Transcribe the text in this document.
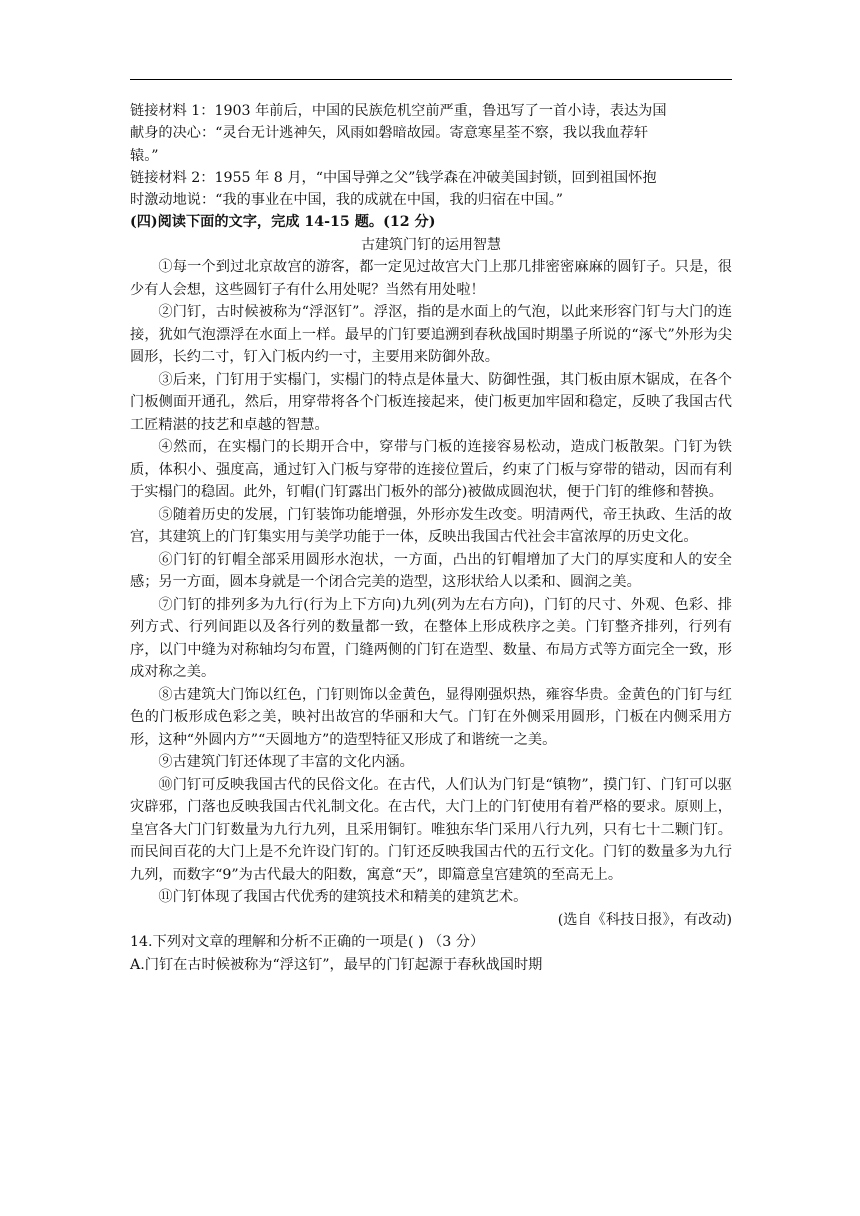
链接材料 1：1903 年前后，中国的民族危机空前严重，鲁迅写了一首小诗，表达为国

献身的决心：“灵台无计逃神矢，风雨如磐暗故园。寄意寒星荃不察，我以我血荐轩

辕。”

链接材料 2：1955 年 8 月，“中国导弹之父”钱学森在冲破美国封锁，回到祖国怀抱

时激动地说：“我的事业在中国，我的成就在中国，我的归宿在中国。”

(四)阅读下面的文字，完成 14-15 题。(12 分)

古建筑门钉的运用智慧

①每一个到过北京故宫的游客，都一定见过故宫大门上那几排密密麻麻的圆钉子。只是，很少有人会想，这些圆钉子有什么用处呢？当然有用处啦！

②门钉，古时候被称为“浮沤钉”。浮沤，指的是水面上的气泡，以此来形容门钉与大门的连接，犹如气泡漂浮在水面上一样。最早的门钉要追溯到春秋战国时期墨子所说的“涿弋”外形为尖圆形，长约二寸，钉入门板内约一寸，主要用来防御外敌。

③后来，门钉用于实榻门，实榻门的特点是体量大、防御性强，其门板由原木锯成，在各个门板侧面开通孔，然后，用穿带将各个门板连接起来，使门板更加牢固和稳定，反映了我国古代工匠精湛的技艺和卓越的智慧。

④然而，在实榻门的长期开合中，穿带与门板的连接容易松动，造成门板散架。门钉为铁质，体积小、强度高，通过钉入门板与穿带的连接位置后，约束了门板与穿带的错动，因而有利于实榻门的稳固。此外，钉帽(门钉露出门板外的部分)被做成圆泡状，便于门钉的维修和替换。

⑤随着历史的发展，门钉装饰功能增强，外形亦发生改变。明清两代，帝王执政、生活的故宫，其建筑上的门钉集实用与美学功能于一体，反映出我国古代社会丰富浓厚的历史文化。

⑥门钉的钉帽全部采用圆形水泡状，一方面，凸出的钉帽增加了大门的厚实度和人的安全感；另一方面，圆本身就是一个闭合完美的造型，这形状给人以柔和、圆润之美。

⑦门钉的排列多为九行(行为上下方向)九列(列为左右方向)，门钉的尺寸、外观、色彩、排列方式、行列间距以及各行列的数量都一致，在整体上形成秩序之美。门钉整齐排列，行列有序，以门中缝为对称轴均匀布置，门缝两侧的门钉在造型、数量、布局方式等方面完全一致，形成对称之美。

⑧古建筑大门饰以红色，门钉则饰以金黄色，显得刚强炽热，雍容华贵。金黄色的门钉与红色的门板形成色彩之美，映衬出故宫的华丽和大气。门钉在外侧采用圆形，门板在内侧采用方形，这种“外圆内方”“天圆地方”的造型特征又形成了和谐统一之美。

⑨古建筑门钉还体现了丰富的文化内涵。

⑩门钉可反映我国古代的民俗文化。在古代，人们认为门钉是“镇物”，摸门钉、门钉可以驱灾辟邪，门落也反映我国古代礼制文化。在古代，大门上的门钉使用有着严格的要求。原则上，皇宫各大门门钉数量为九行九列，且采用铜钉。唯独东华门采用八行九列，只有七十二颗门钉。而民间百花的大门上是不允许设门钉的。门钉还反映我国古代的五行文化。门钉的数量多为九行九列，而数字“9”为古代最大的阳数，寓意“天”，即篇意皇宫建筑的至高无上。

⑪门钉体现了我国古代优秀的建筑技术和精美的建筑艺术。

(选自《科技日报》，有改动)

14.下列对文章的理解和分析不正确的一项是( ) （3 分）

A.门钉在古时候被称为“浮这钉”，最早的门钉起源于春秋战国时期
